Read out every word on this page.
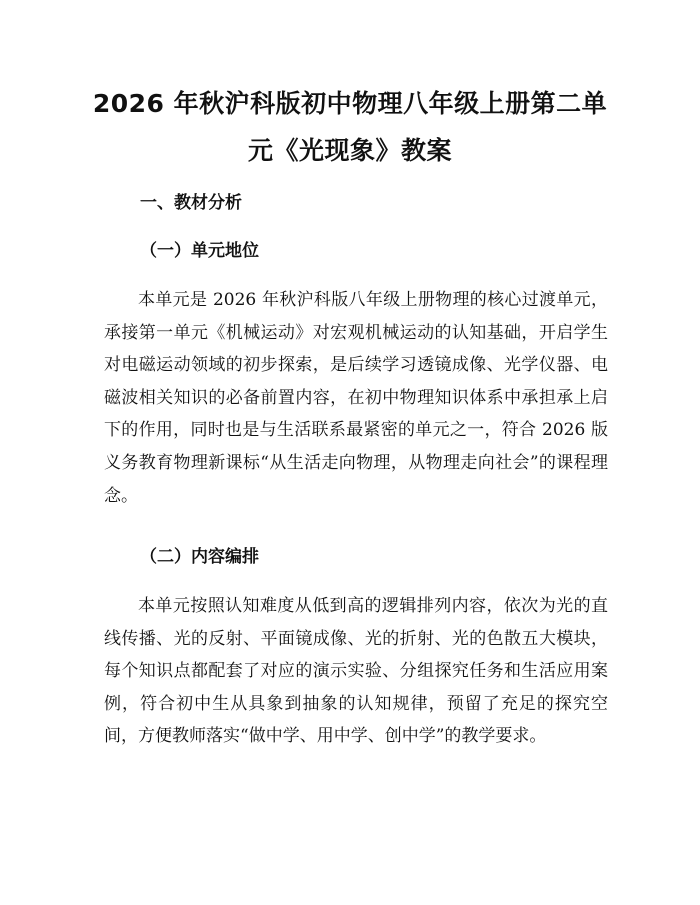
2026 年秋沪科版初中物理八年级上册第二单
元《光现象》教案
一、教材分析
（一）单元地位

本单元是 2026 年秋沪科版八年级上册物理的核心过渡单元，承接第一单元《机械运动》对宏观机械运动的认知基础，开启学生对电磁运动领域的初步探索，是后续学习透镜成像、光学仪器、电磁波相关知识的必备前置内容，在初中物理知识体系中承担承上启下的作用，同时也是与生活联系最紧密的单元之一，符合 2026 版义务教育物理新课标“从生活走向物理，从物理走向社会”的课程理念。

（二）内容编排

本单元按照认知难度从低到高的逻辑排列内容，依次为光的直线传播、光的反射、平面镜成像、光的折射、光的色散五大模块，每个知识点都配套了对应的演示实验、分组探究任务和生活应用案例，符合初中生从具象到抽象的认知规律，预留了充足的探究空间，方便教师落实“做中学、用中学、创中学”的教学要求。
